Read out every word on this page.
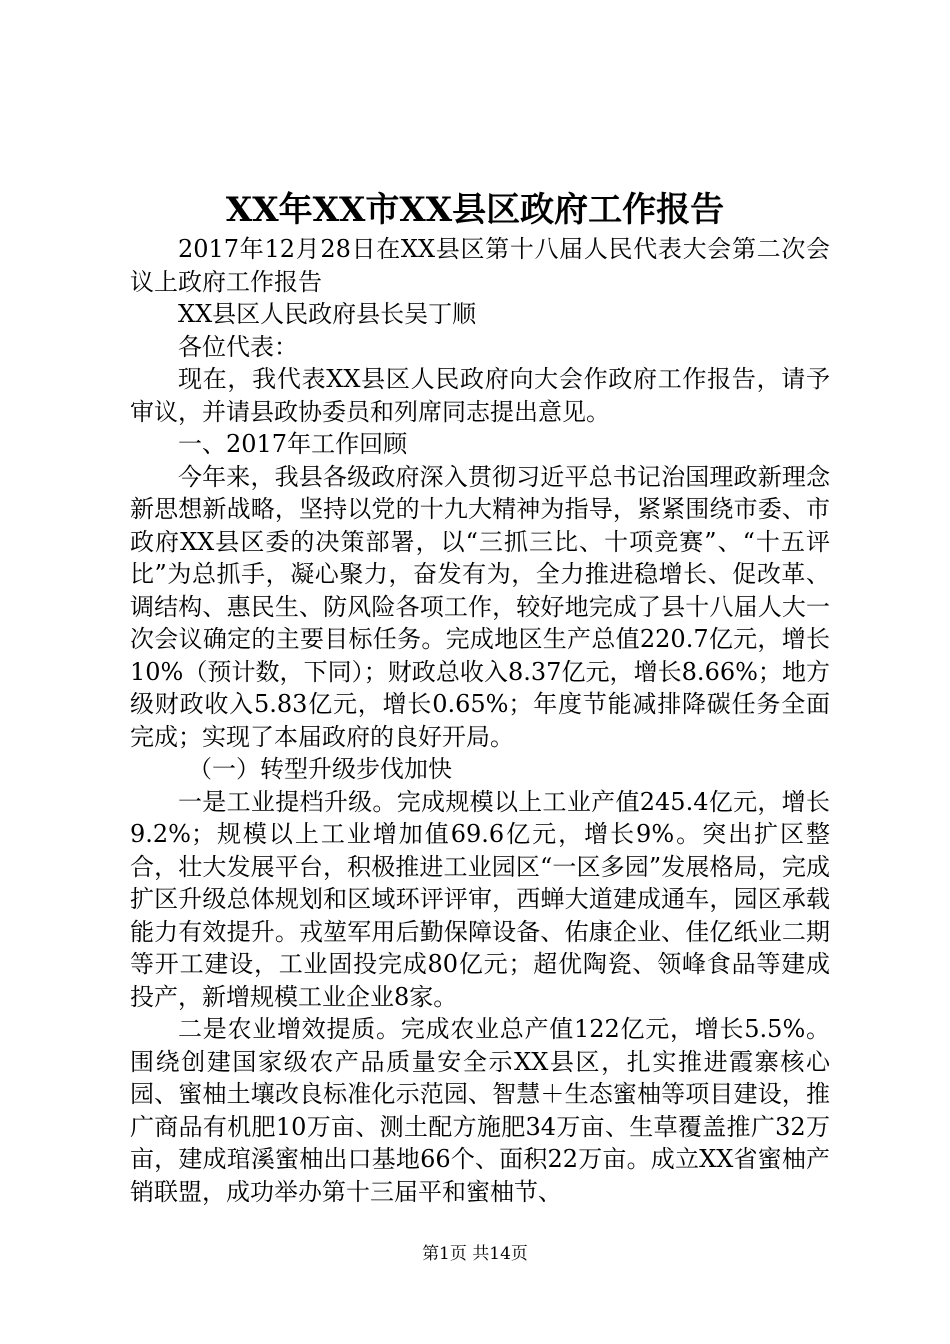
XX年XX市XX县区政府工作报告

2017年12月28日在XX县区第十八届人民代表大会第二次会议上政府工作报告

XX县区人民政府县长吴丁顺

各位代表：

现在，我代表XX县区人民政府向大会作政府工作报告，请予审议，并请县政协委员和列席同志提出意见。

一、2017年工作回顾

今年来，我县各级政府深入贯彻习近平总书记治国理政新理念新思想新战略，坚持以党的十九大精神为指导，紧紧围绕市委、市政府XX县区委的决策部署，以“三抓三比、十项竞赛”、“十五评比”为总抓手，凝心聚力，奋发有为，全力推进稳增长、促改革、调结构、惠民生、防风险各项工作，较好地完成了县十八届人大一次会议确定的主要目标任务。完成地区生产总值220.7亿元，增长10%（预计数，下同）；财政总收入8.37亿元，增长8.66%；地方级财政收入5.83亿元，增长0.65%；年度节能减排降碳任务全面完成；实现了本届政府的良好开局。

（一）转型升级步伐加快

一是工业提档升级。完成规模以上工业产值245.4亿元，增长9.2%；规模以上工业增加值69.6亿元，增长9%。突出扩区整合，壮大发展平台，积极推进工业园区“一区多园”发展格局，完成扩区升级总体规划和区域环评评审，西蝉大道建成通车，园区承载能力有效提升。戎堃军用后勤保障设备、佑康企业、佳亿纸业二期等开工建设，工业固投完成80亿元；超优陶瓷、领峰食品等建成投产，新增规模工业企业8家。

二是农业增效提质。完成农业总产值122亿元，增长5.5%。围绕创建国家级农产品质量安全示XX县区，扎实推进霞寨核心园、蜜柚土壤改良标准化示范园、智慧＋生态蜜柚等项目建设，推广商品有机肥10万亩、测土配方施肥34万亩、生草覆盖推广32万亩，建成琯溪蜜柚出口基地66个、面积22万亩。成立XX省蜜柚产销联盟，成功举办第十三届平和蜜柚节、

第1页 共14页
